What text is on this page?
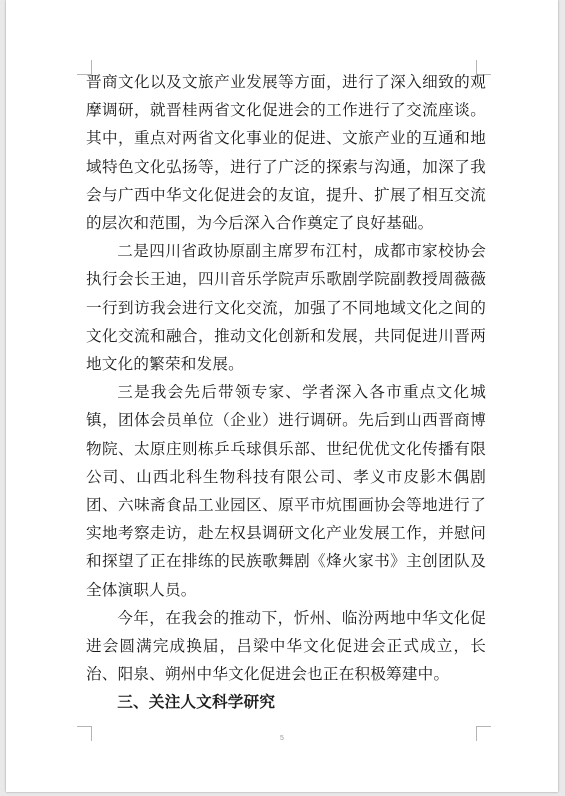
晋商文化以及文旅产业发展等方面，进行了深入细致的观摩调研，就晋桂两省文化促进会的工作进行了交流座谈。其中，重点对两省文化事业的促进、文旅产业的互通和地域特色文化弘扬等，进行了广泛的探索与沟通，加深了我会与广西中华文化促进会的友谊，提升、扩展了相互交流的层次和范围，为今后深入合作奠定了良好基础。

二是四川省政协原副主席罗布江村，成都市家校协会执行会长王迪，四川音乐学院声乐歌剧学院副教授周薇薇一行到访我会进行文化交流，加强了不同地域文化之间的文化交流和融合，推动文化创新和发展，共同促进川晋两地文化的繁荣和发展。

三是我会先后带领专家、学者深入各市重点文化城镇，团体会员单位（企业）进行调研。先后到山西晋商博物院、太原庄则栋乒乓球俱乐部、世纪优优文化传播有限公司、山西北科生物科技有限公司、孝义市皮影木偶剧团、六味斋食品工业园区、原平市炕围画协会等地进行了实地考察走访，赴左权县调研文化产业发展工作，并慰问和探望了正在排练的民族歌舞剧《烽火家书》主创团队及全体演职人员。

今年，在我会的推动下，忻州、临汾两地中华文化促进会圆满完成换届，吕梁中华文化促进会正式成立，长治、阳泉、朔州中华文化促进会也正在积极筹建中。

三、关注人文科学研究

5
